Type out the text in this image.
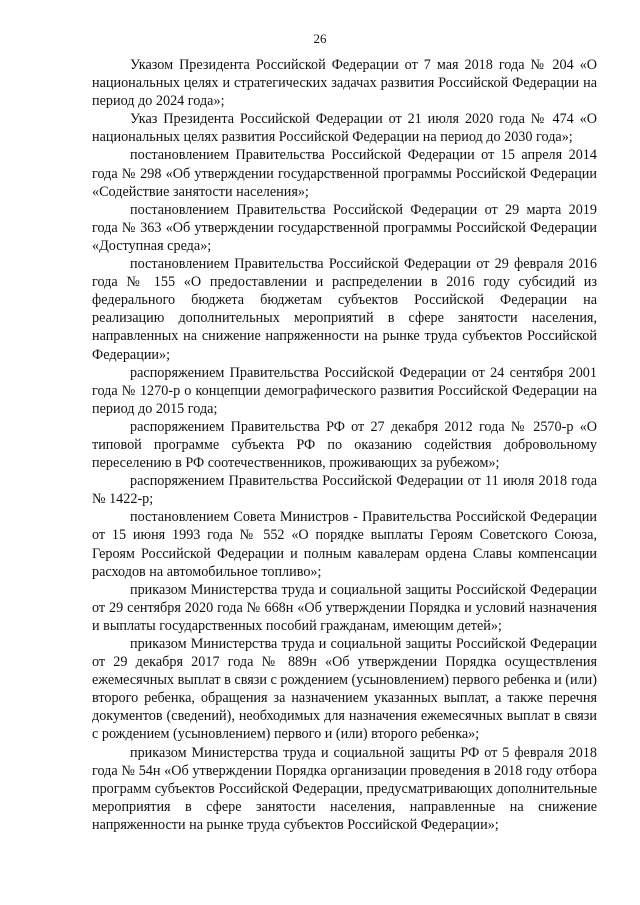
26

Указом Президента Российской Федерации от 7 мая 2018 года № 204 «О национальных целях и стратегических задачах развития Российской Федерации на период до 2024 года»;

Указ Президента Российской Федерации от 21 июля 2020 года № 474 «О национальных целях развития Российской Федерации на период до 2030 года»;

постановлением Правительства Российской Федерации от 15 апреля 2014 года № 298 «Об утверждении государственной программы Российской Федерации «Содействие занятости населения»;

постановлением Правительства Российской Федерации от 29 марта 2019 года № 363 «Об утверждении государственной программы Российской Федерации «Доступная среда»;

постановлением Правительства Российской Федерации от 29 февраля 2016 года № 155 «О предоставлении и распределении в 2016 году субсидий из федерального бюджета бюджетам субъектов Российской Федерации на реализацию дополнительных мероприятий в сфере занятости населения, направленных на снижение напряженности на рынке труда субъектов Российской Федерации»;

распоряжением Правительства Российской Федерации от 24 сентября 2001 года № 1270-р о концепции демографического развития Российской Федерации на период до 2015 года;

распоряжением Правительства РФ от 27 декабря 2012 года № 2570-р «О типовой программе субъекта РФ по оказанию содействия добровольному переселению в РФ соотечественников, проживающих за рубежом»;

распоряжением Правительства Российской Федерации от 11 июля 2018 года № 1422-р;

постановлением Совета Министров - Правительства Российской Федерации от 15 июня 1993 года № 552 «О порядке выплаты Героям Советского Союза, Героям Российской Федерации и полным кавалерам ордена Славы компенсации расходов на автомобильное топливо»;

приказом Министерства труда и социальной защиты Российской Федерации от 29 сентября 2020 года № 668н «Об утверждении Порядка и условий назначения и выплаты государственных пособий гражданам, имеющим детей»;

приказом Министерства труда и социальной защиты Российской Федерации от 29 декабря 2017 года № 889н «Об утверждении Порядка осуществления ежемесячных выплат в связи с рождением (усыновлением) первого ребенка и (или) второго ребенка, обращения за назначением указанных выплат, а также перечня документов (сведений), необходимых для назначения ежемесячных выплат в связи с рождением (усыновлением) первого и (или) второго ребенка»;

приказом Министерства труда и социальной защиты РФ от 5 февраля 2018 года № 54н «Об утверждении Порядка организации проведения в 2018 году отбора программ субъектов Российской Федерации, предусматривающих дополнительные мероприятия в сфере занятости населения, направленные на снижение напряженности на рынке труда субъектов Российской Федерации»;
